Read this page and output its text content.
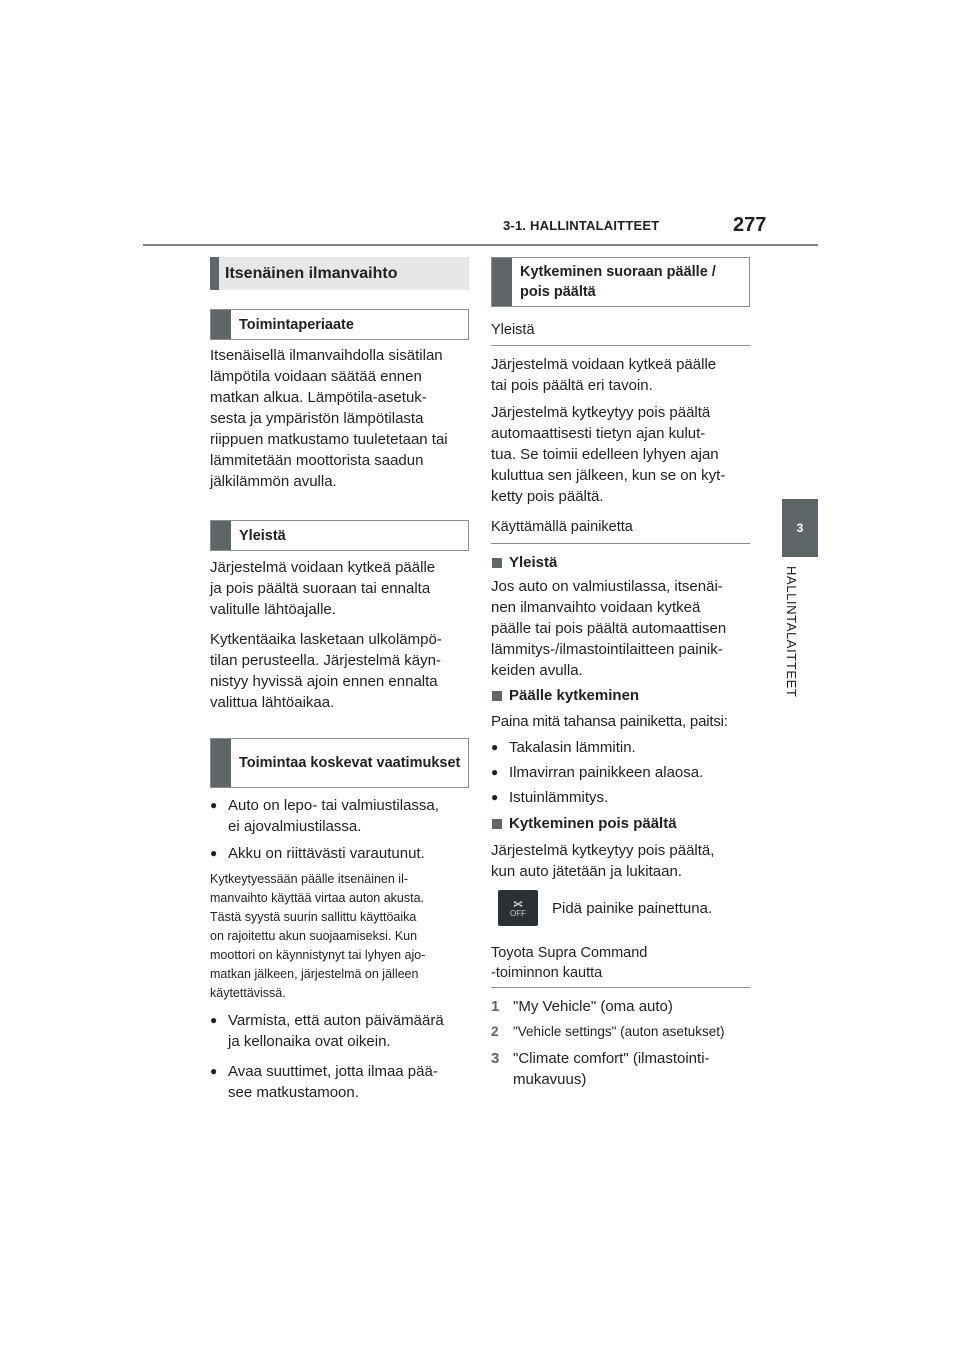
3-1. HALLINTALAITTEET	277
3
HALLINTALAITTEET
Itsenäinen ilmanvaihto
Toimintaperiaate
Itsenäisellä ilmanvaihdolla sisätilan
lämpötila voidaan säätää ennen
matkan alkua. Lämpötila-asetuk-
sesta ja ympäristön lämpötilasta
riippuen matkustamo tuuletetaan tai
lämmitetään moottorista saadun
jälkilämmön avulla.
Yleistä
Järjestelmä voidaan kytkeä päälle
ja pois päältä suoraan tai ennalta
valitulle lähtöajalle.
Kytkentäaika lasketaan ulkolämpö-
tilan perusteella. Järjestelmä käyn-
nistyy hyvissä ajoin ennen ennalta
valittua lähtöaikaa.
Toimintaa koskevat vaatimukset
● Auto on lepo- tai valmiustilassa,
ei ajovalmiustilassa.
● Akku on riittävästi varautunut.
Kytkeytyessään päälle itsenäinen il-
manvaihto käyttää virtaa auton akusta.
Tästä syystä suurin sallittu käyttöaika
on rajoitettu akun suojaamiseksi. Kun
moottori on käynnistynyt tai lyhyen ajo-
matkan jälkeen, järjestelmä on jälleen
käytettävissä.
● Varmista, että auton päivämäärä
ja kellonaika ovat oikein.
● Avaa suuttimet, jotta ilmaa pää-
see matkustamoon.
Kytkeminen suoraan päälle / pois päältä
Yleistä
Järjestelmä voidaan kytkeä päälle
tai pois päältä eri tavoin.
Järjestelmä kytkeytyy pois päältä
automaattisesti tietyn ajan kulut-
tua. Se toimii edelleen lyhyen ajan
kuluttua sen jälkeen, kun se on kyt-
ketty pois päältä.
Käyttämällä painiketta
Yleistä
Jos auto on valmiustilassa, itsenäi-
nen ilmanvaihto voidaan kytkeä
päälle tai pois päältä automaattisen
lämmitys-/ilmastointilaitteen painik-
keiden avulla.
Päälle kytkeminen
Paina mitä tahansa painiketta, paitsi:
● Takalasin lämmitin.
● Ilmavirran painikkeen alaosa.
● Istuinlämmitys.
Kytkeminen pois päältä
Järjestelmä kytkeytyy pois päältä,
kun auto jätetään ja lukitaan.
OFF Pidä painike painettuna.
Toyota Supra Command
-toiminnon kautta
1 "My Vehicle" (oma auto)
2 "Vehicle settings" (auton asetukset)
3 "Climate comfort" (ilmastointi-
mukavuus)
